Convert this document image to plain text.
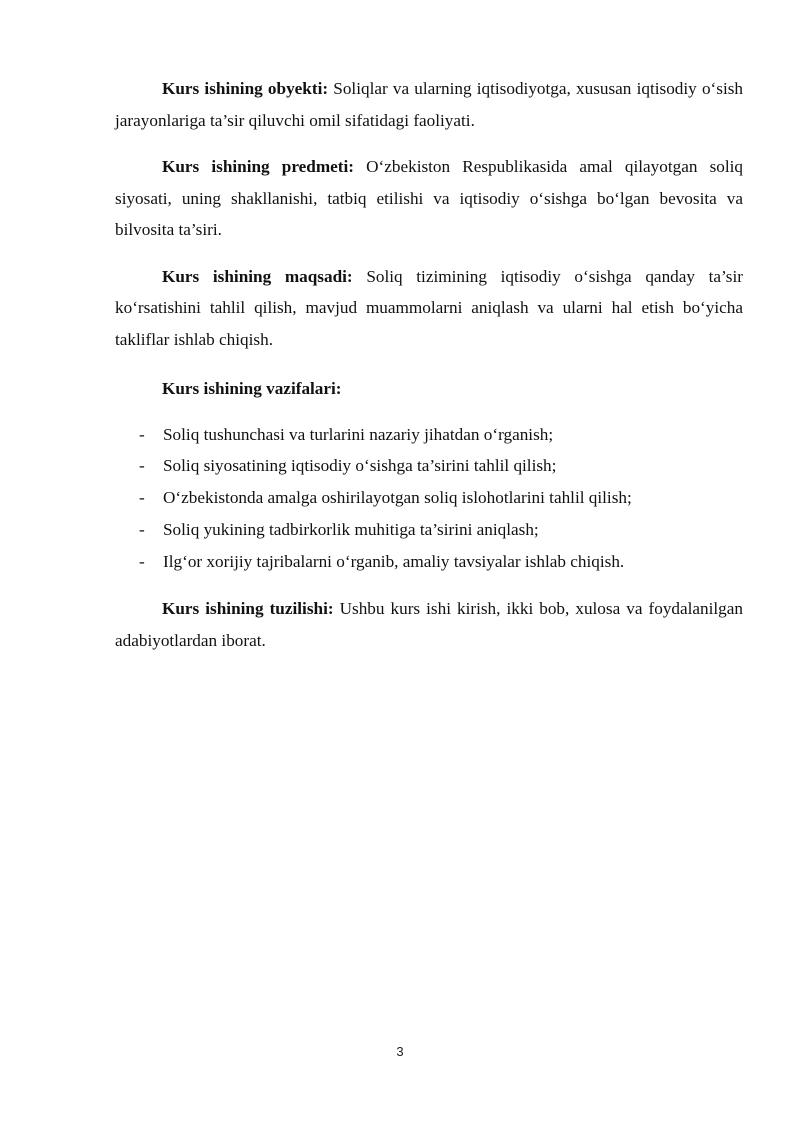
Kurs ishining obyekti: Soliqlar va ularning iqtisodiyotga, xususan iqtisodiy o‘sish jarayonlariga ta’sir qiluvchi omil sifatidagi faoliyati.

Kurs ishining predmeti: O‘zbekiston Respublikasida amal qilayotgan soliq siyosati, uning shakllanishi, tatbiq etilishi va iqtisodiy o‘sishga bo‘lgan bevosita va bilvosita ta’siri.

Kurs ishining maqsadi: Soliq tizimining iqtisodiy o‘sishga qanday ta’sir ko‘rsatishini tahlil qilish, mavjud muammolarni aniqlash va ularni hal etish bo‘yicha takliflar ishlab chiqish.

Kurs ishining vazifalari:

- Soliq tushunchasi va turlarini nazariy jihatdan o‘rganish;
- Soliq siyosatining iqtisodiy o‘sishga ta’sirini tahlil qilish;
- O‘zbekistonda amalga oshirilayotgan soliq islohotlarini tahlil qilish;
- Soliq yukining tadbirkorlik muhitiga ta’sirini aniqlash;
- Ilg‘or xorijiy tajribalarni o‘rganib, amaliy tavsiyalar ishlab chiqish.

Kurs ishining tuzilishi: Ushbu kurs ishi kirish, ikki bob, xulosa va foydalanilgan adabiyotlardan iborat.

3
